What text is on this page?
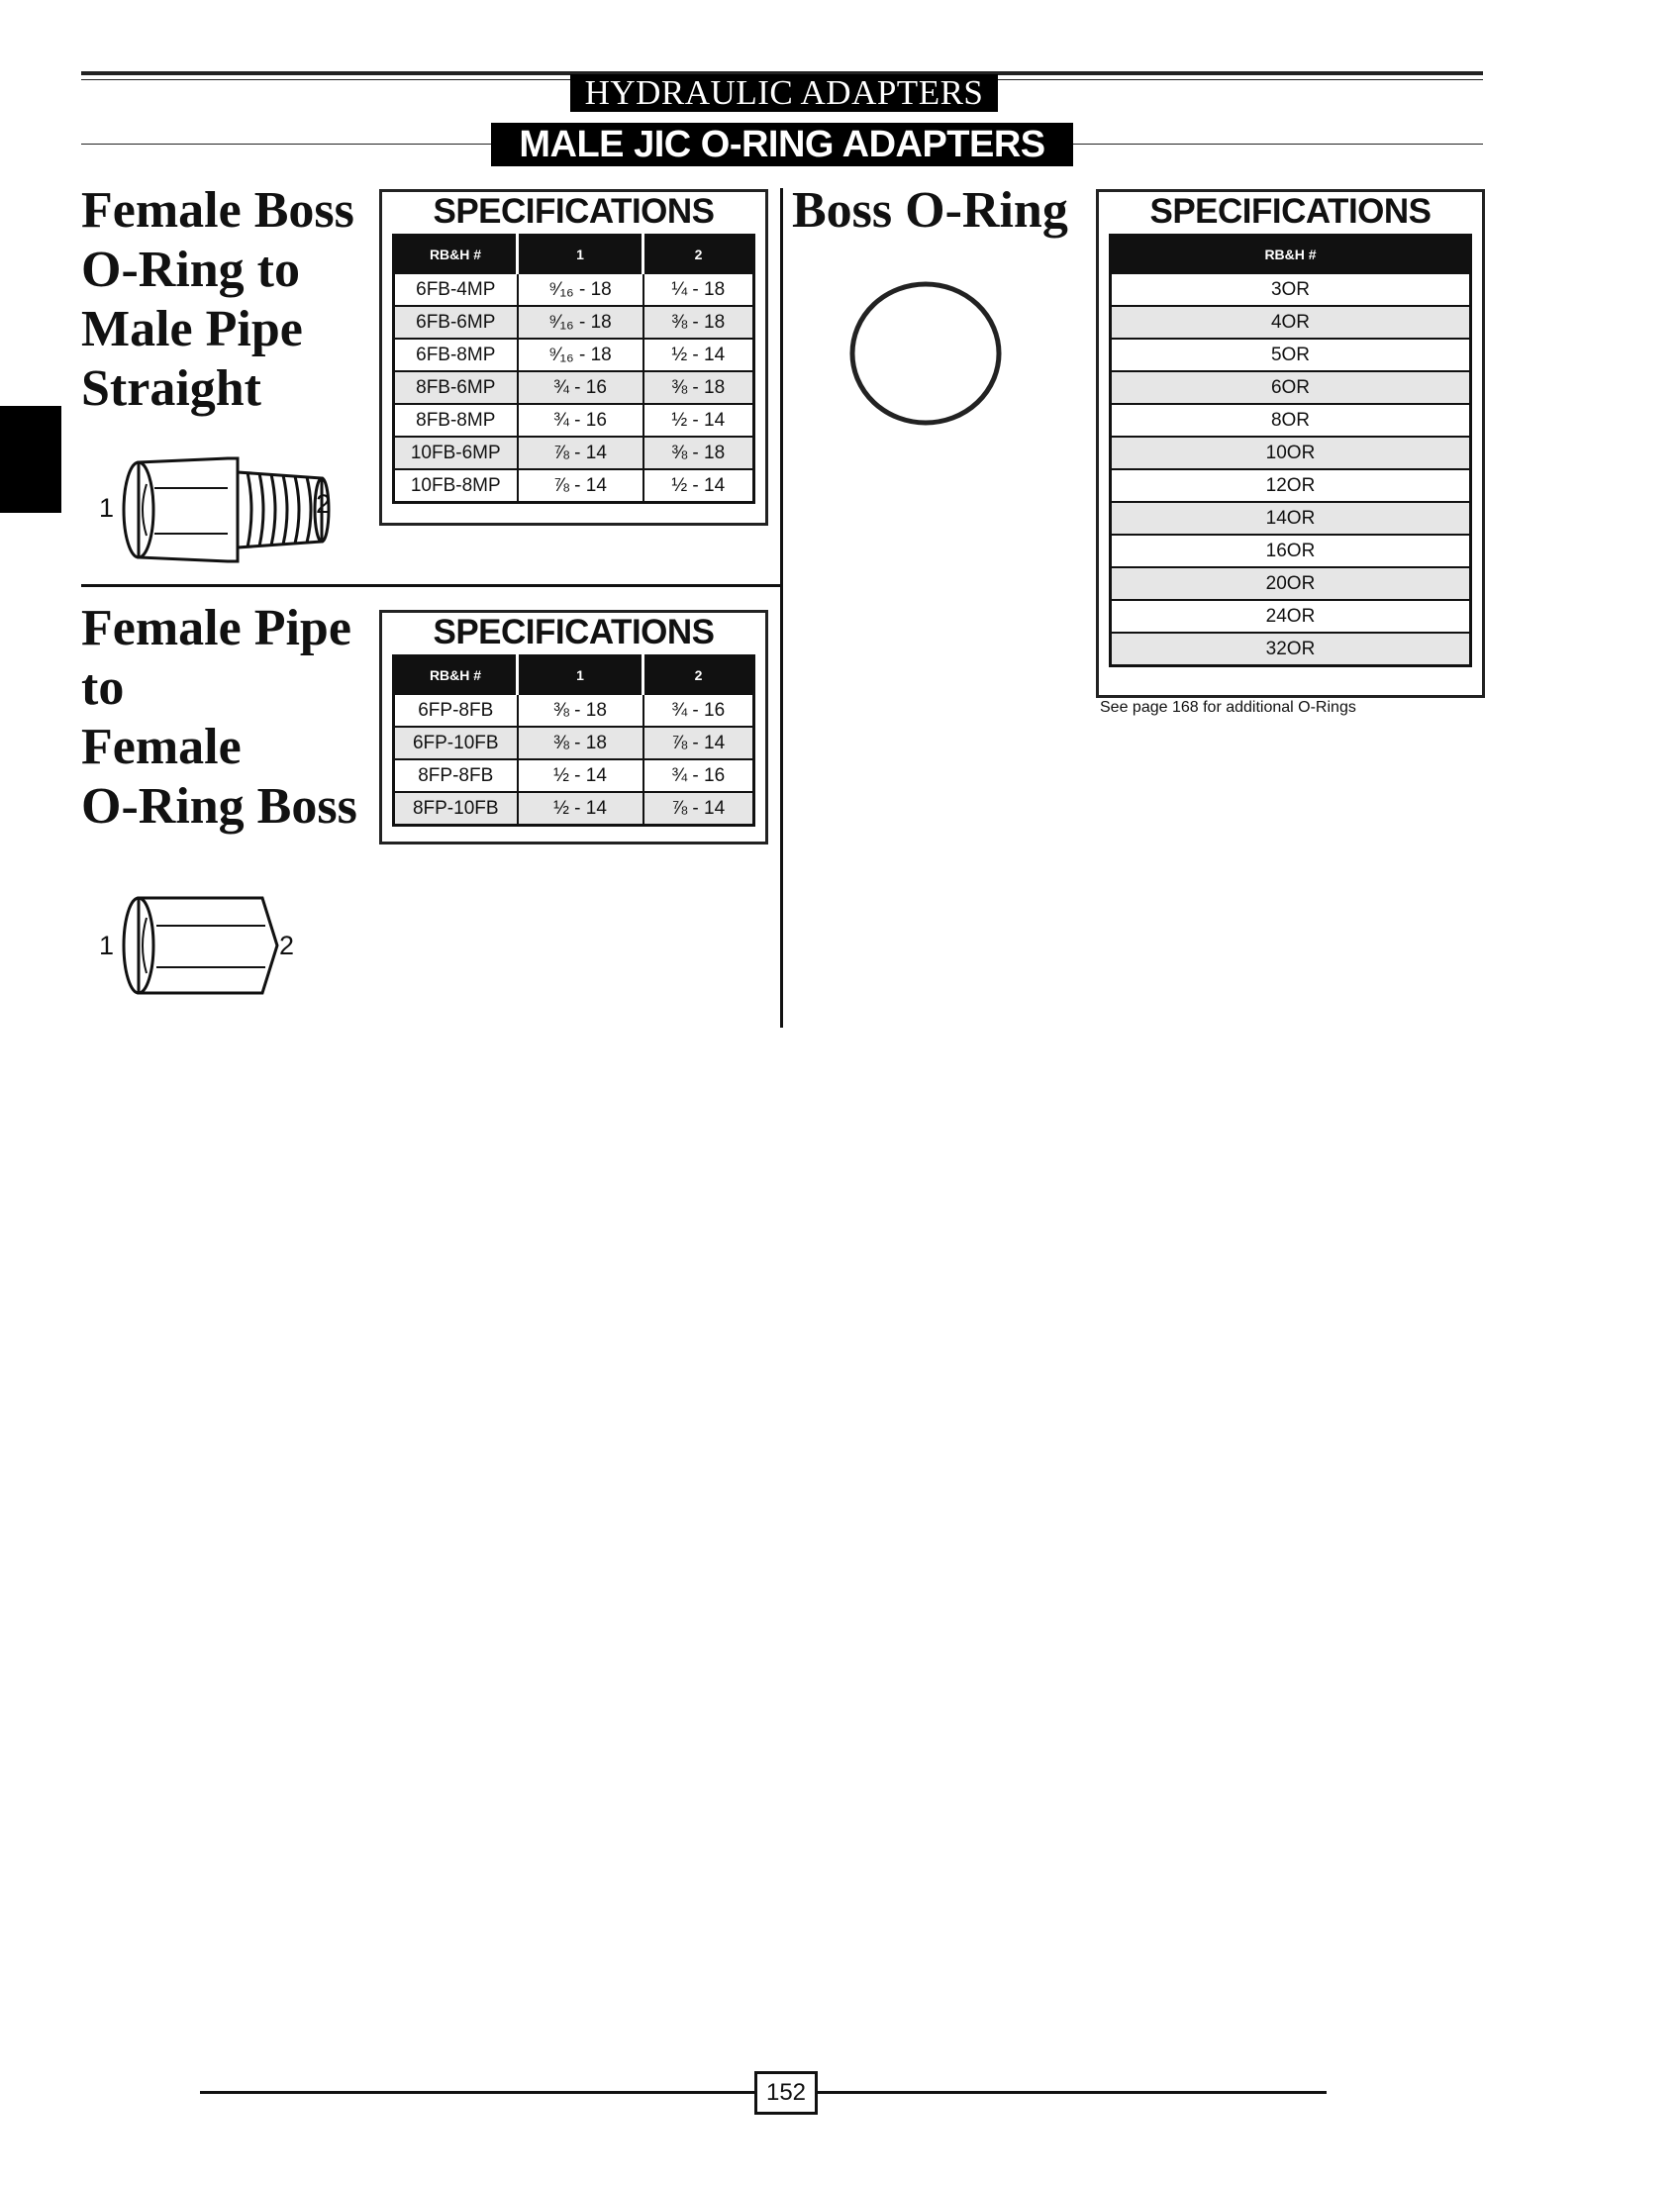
HYDRAULIC ADAPTERS
MALE JIC O-RING ADAPTERS
Female Boss
O-Ring to
Male Pipe
Straight
SPECIFICATIONS
RB&H #	1	2
6FB-4MP	⁹⁄₁₆ - 18	¼ - 18
6FB-6MP	⁹⁄₁₆ - 18	⅜ - 18
6FB-8MP	⁹⁄₁₆ - 18	½ - 14
8FB-6MP	¾ - 16	⅜ - 18
8FB-8MP	¾ - 16	½ - 14
10FB-6MP	⅞ - 14	⅜ - 18
10FB-8MP	⅞ - 14	½ - 14
1	2
Female Pipe
to
Female
O-Ring Boss
SPECIFICATIONS
RB&H #	1	2
6FP-8FB	⅜ - 18	¾ - 16
6FP-10FB	⅜ - 18	⅞ - 14
8FP-8FB	½ - 14	¾ - 16
8FP-10FB	½ - 14	⅞ - 14
1	2
Boss O-Ring	SPECIFICATIONS
RB&H #
3OR
4OR
5OR
6OR
8OR
10OR
12OR
14OR
16OR
20OR
24OR
32OR
See page 168 for additional O-Rings
152
